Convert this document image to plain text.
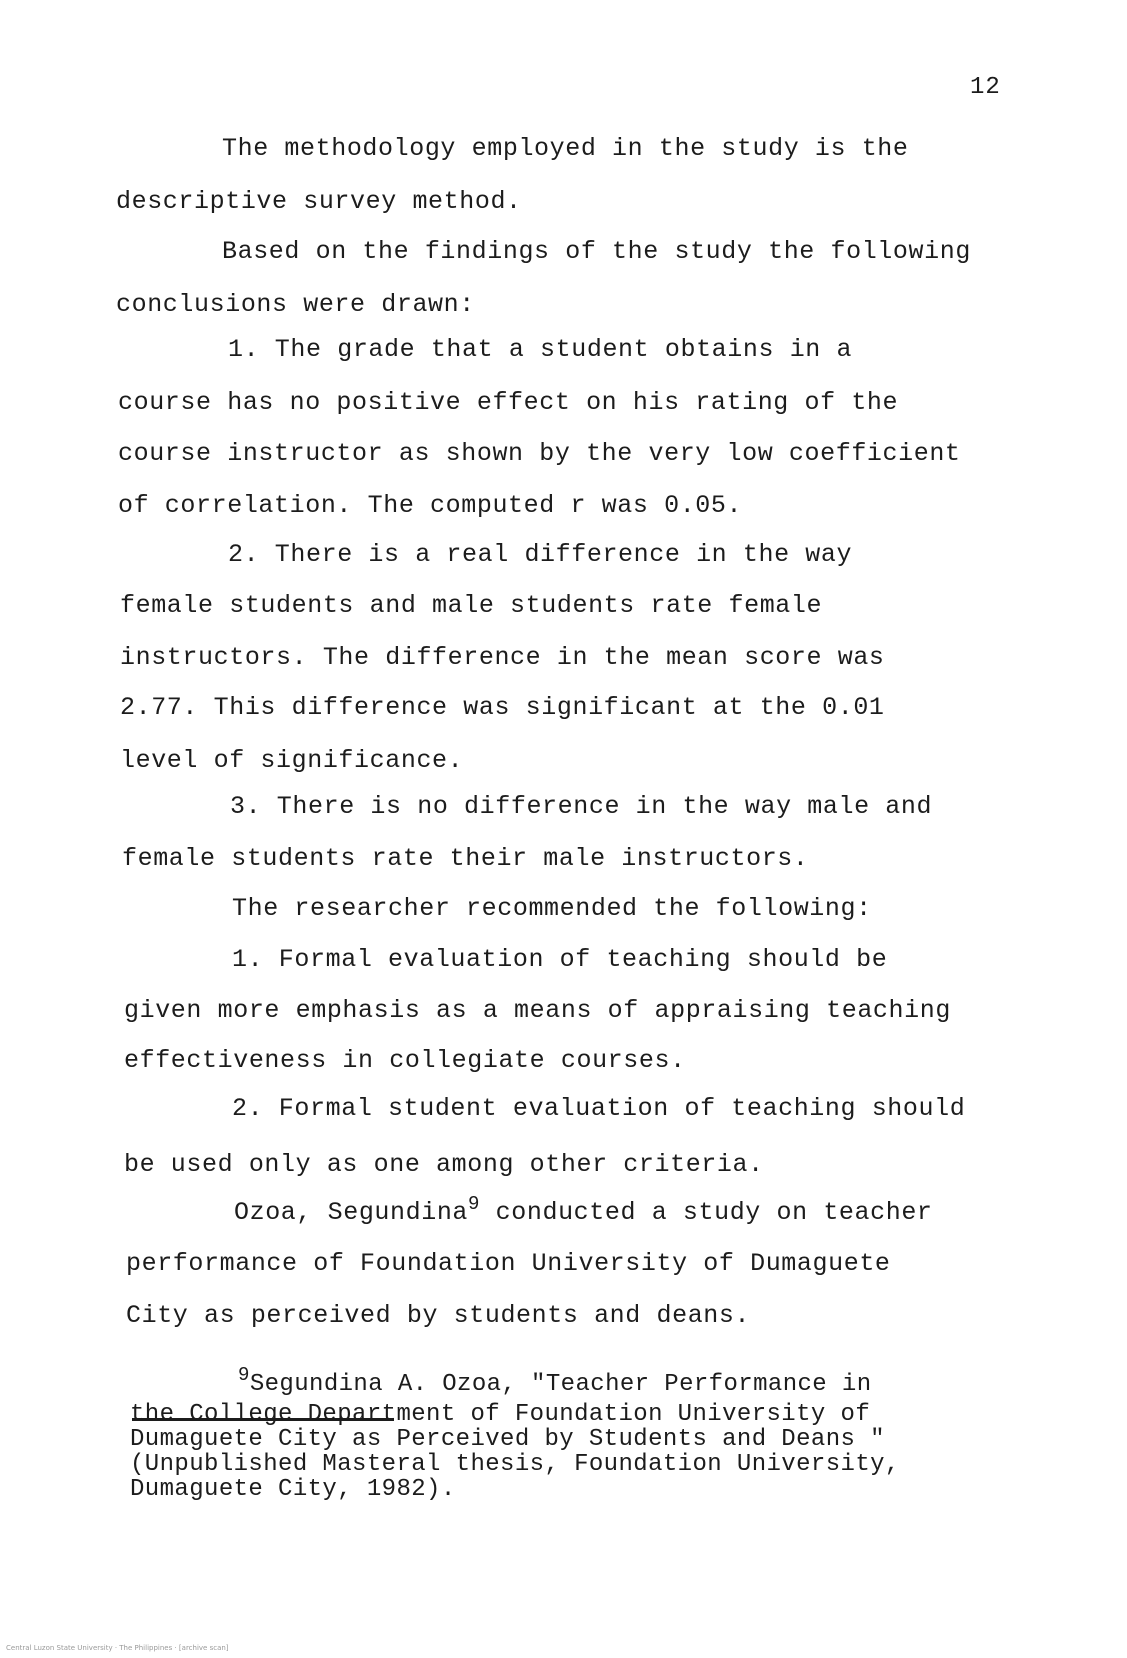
12
The methodology employed in the study is the
descriptive survey method.
Based on the findings of the study the following
conclusions were drawn:
1. The grade that a student obtains in a
course has no positive effect on his rating of the
course instructor as shown by the very low coefficient
of correlation. The computed r was 0.05.
2. There is a real difference in the way
female students and male students rate female
instructors. The difference in the mean score was
2.77. This difference was significant at the 0.01
level of significance.
3. There is no difference in the way male and
female students rate their male instructors.
The researcher recommended the following:
1. Formal evaluation of teaching should be
given more emphasis as a means of appraising teaching
effectiveness in collegiate courses.
2. Formal student evaluation of teaching should
be used only as one among other criteria.
Ozoa, Segundina$^9$ conducted a study on teacher
performance of Foundation University of Dumaguete
City as perceived by students and deans.
$^9$Segundina A. Ozoa, "Teacher Performance in
the College Department of Foundation University of
Dumaguete City as Perceived by Students and Deans "
(Unpublished Masteral thesis, Foundation University,
Dumaguete City, 1982).
Central Luzon State University · The Philippines · [archive scan]
